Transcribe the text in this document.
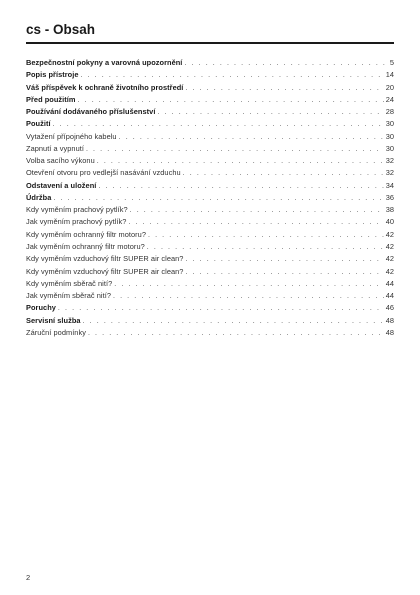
cs - Obsah
Bezpečnostní pokyny a varovná upozornění . . .	5
Popis přístroje . . .	14
Váš příspěvek k ochraně životního prostředí . . .	20
Před použitím . . .	24
Používání dodávaného příslušenství . . .	28
Použití . . .	30
Vytažení přípojného kabelu . . .	30
Zapnutí a vypnutí . . .	30
Volba sacího výkonu . . .	32
Otevření otvoru pro vedlejší nasávání vzduchu . . .	32
Odstavení a uložení . . .	34
Údržba . . .	36
Kdy vyměním prachový pytlík? . . .	38
Jak vyměním prachový pytlík? . . .	40
Kdy vyměním ochranný filtr motoru? . . .	42
Jak vyměním ochranný filtr motoru? . . .	42
Kdy vyměním vzduchový filtr SUPER air clean? . . .	42
Kdy vyměním vzduchový filtr SUPER air clean? . . .	42
Kdy vyměním sběrač nití? . . .	44
Jak vyměním sběrač nití? . . .	44
Poruchy . . .	46
Servisní služba . . .	48
Záruční podmínky . . .	48
2
